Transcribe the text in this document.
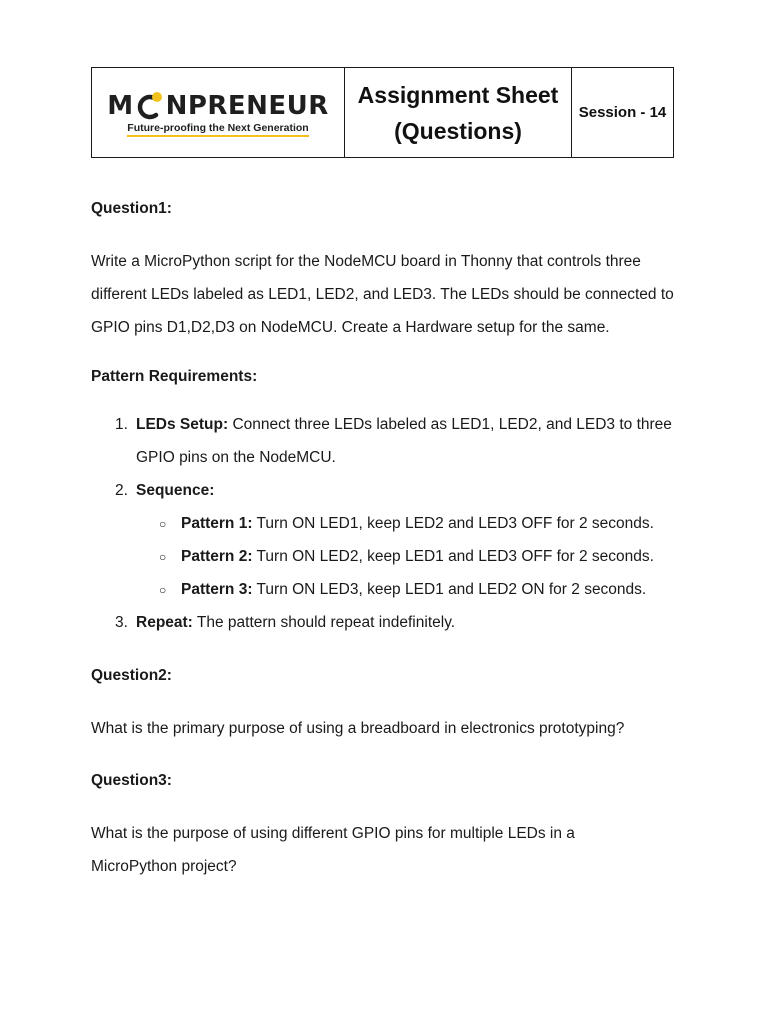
M NPRENEUR
Future-proofing the Next Generation
Assignment Sheet
(Questions)
Session - 14
Question1:
Write a MicroPython script for the NodeMCU board in Thonny that controls three
different LEDs labeled as LED1, LED2, and LED3. The LEDs should be connected to
GPIO pins D1,D2,D3 on NodeMCU. Create a Hardware setup for the same.
Pattern Requirements:
1. LEDs Setup: Connect three LEDs labeled as LED1, LED2, and LED3 to three
GPIO pins on the NodeMCU.
2. Sequence:
○ Pattern 1: Turn ON LED1, keep LED2 and LED3 OFF for 2 seconds.
○ Pattern 2: Turn ON LED2, keep LED1 and LED3 OFF for 2 seconds.
○ Pattern 3: Turn ON LED3, keep LED1 and LED2 ON for 2 seconds.
3. Repeat: The pattern should repeat indefinitely.
Question2:
What is the primary purpose of using a breadboard in electronics prototyping?
Question3:
What is the purpose of using different GPIO pins for multiple LEDs in a
MicroPython project?
